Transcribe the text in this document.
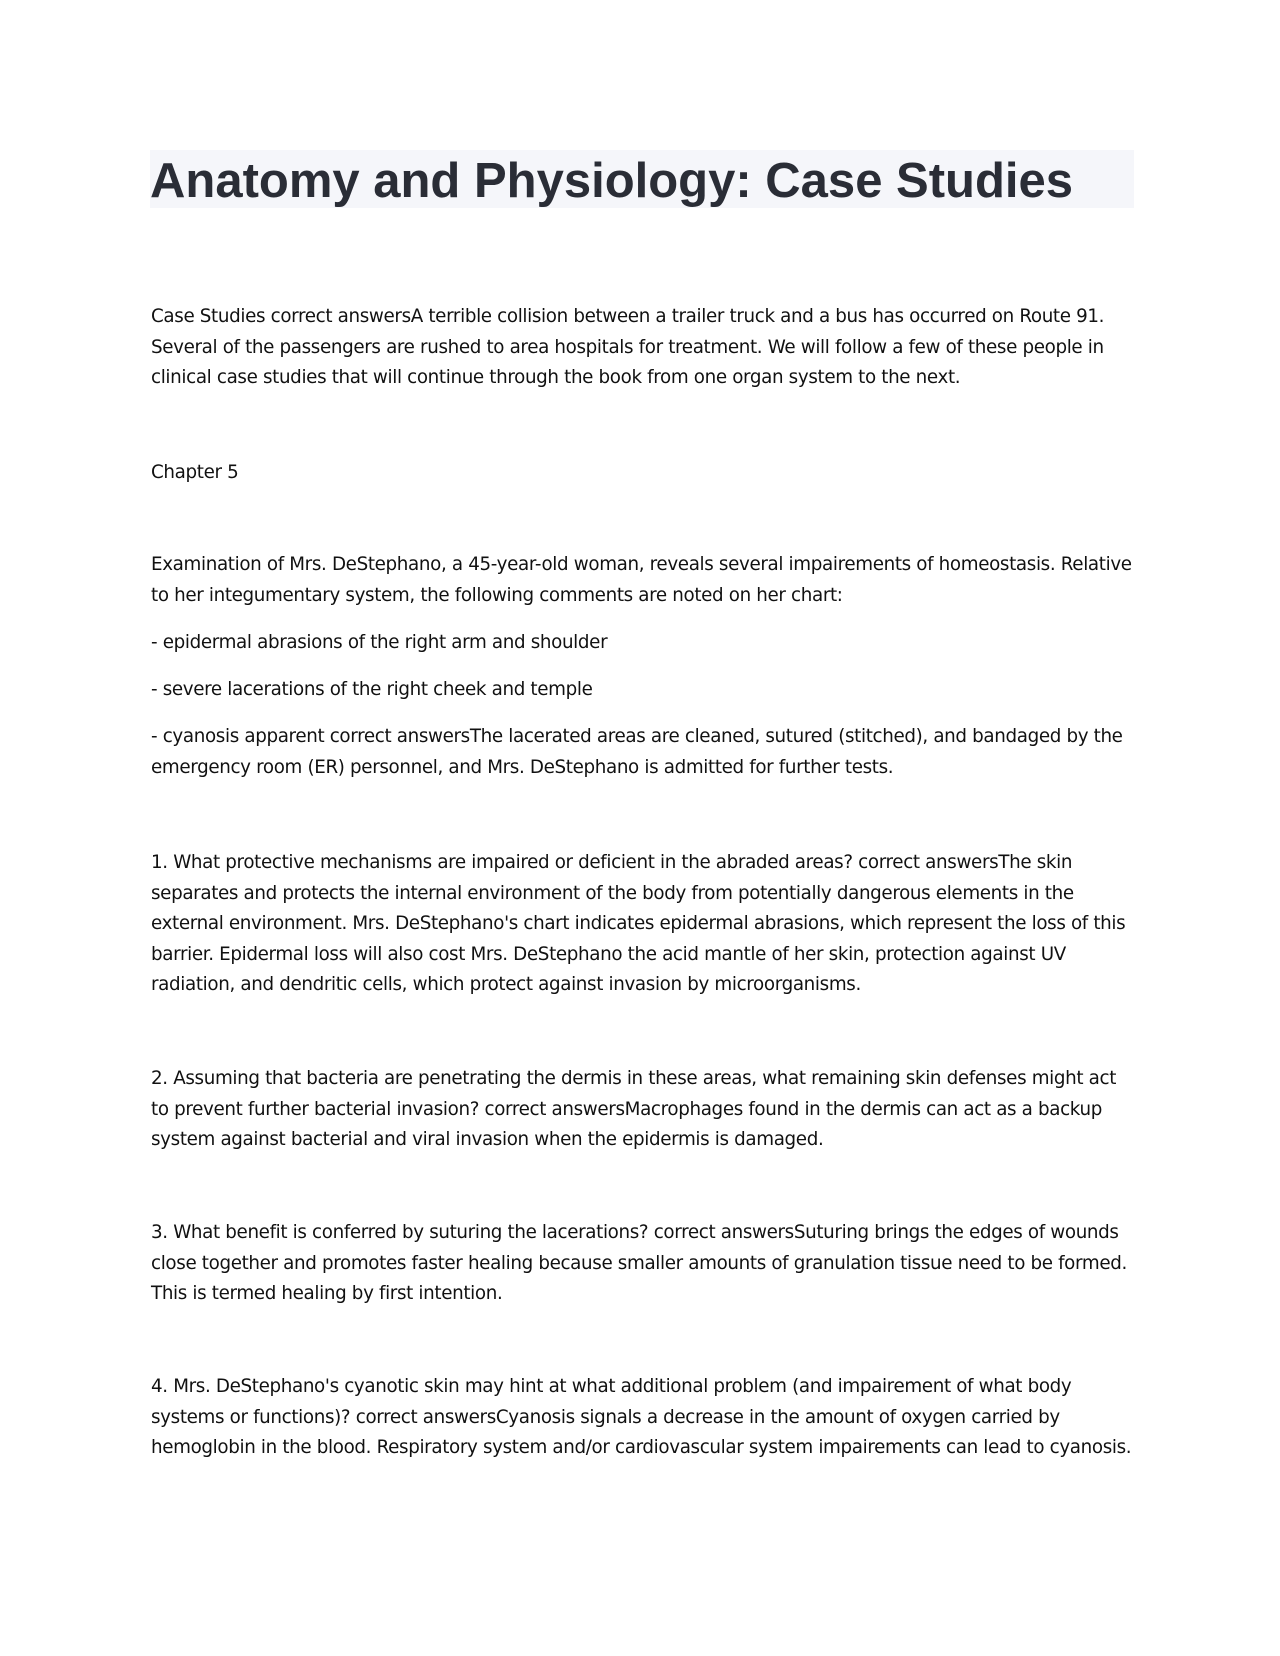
Anatomy and Physiology: Case Studies

Case Studies correct answersA terrible collision between a trailer truck and a bus has occurred on Route 91. Several of the passengers are rushed to area hospitals for treatment. We will follow a few of these people in clinical case studies that will continue through the book from one organ system to the next.

Chapter 5

Examination of Mrs. DeStephano, a 45-year-old woman, reveals several impairements of homeostasis. Relative to her integumentary system, the following comments are noted on her chart:

- epidermal abrasions of the right arm and shoulder

- severe lacerations of the right cheek and temple

- cyanosis apparent correct answersThe lacerated areas are cleaned, sutured (stitched), and bandaged by the emergency room (ER) personnel, and Mrs. DeStephano is admitted for further tests.

1. What protective mechanisms are impaired or deficient in the abraded areas? correct answersThe skin separates and protects the internal environment of the body from potentially dangerous elements in the external environment. Mrs. DeStephano's chart indicates epidermal abrasions, which represent the loss of this barrier. Epidermal loss will also cost Mrs. DeStephano the acid mantle of her skin, protection against UV radiation, and dendritic cells, which protect against invasion by microorganisms.

2. Assuming that bacteria are penetrating the dermis in these areas, what remaining skin defenses might act to prevent further bacterial invasion? correct answersMacrophages found in the dermis can act as a backup system against bacterial and viral invasion when the epidermis is damaged.

3. What benefit is conferred by suturing the lacerations? correct answersSuturing brings the edges of wounds close together and promotes faster healing because smaller amounts of granulation tissue need to be formed. This is termed healing by first intention.

4. Mrs. DeStephano's cyanotic skin may hint at what additional problem (and impairement of what body systems or functions)? correct answersCyanosis signals a decrease in the amount of oxygen carried by hemoglobin in the blood. Respiratory system and/or cardiovascular system impairements can lead to cyanosis.
